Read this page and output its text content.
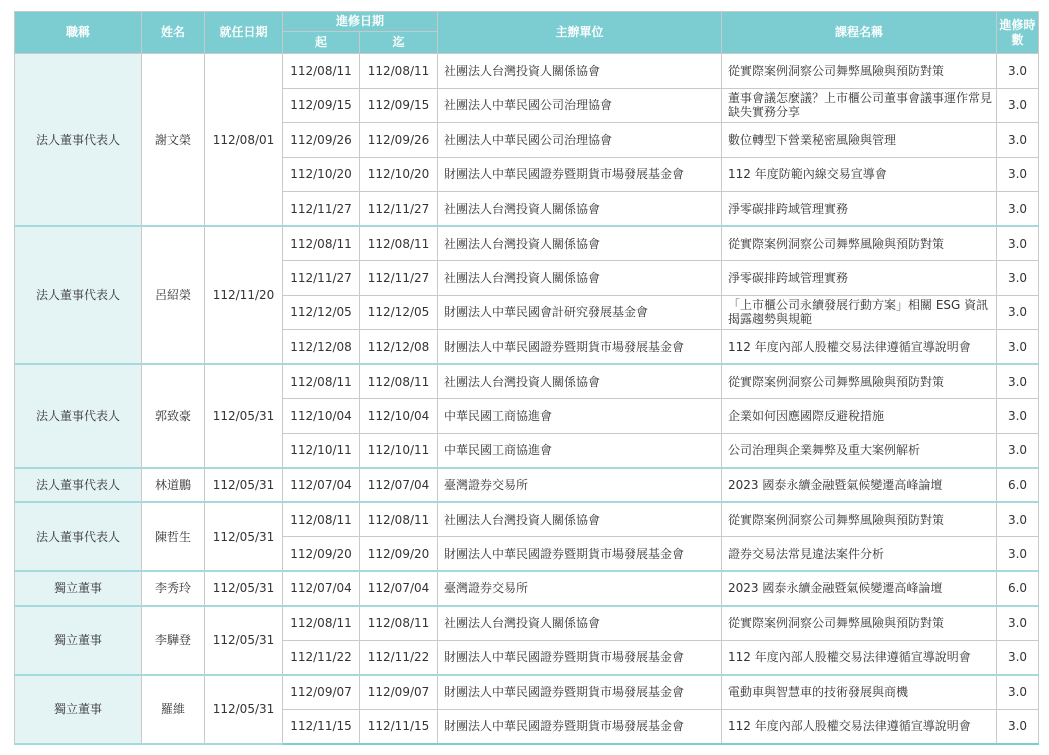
職稱	姓名	就任日期	進修日期		主辦單位	課程名稱	進修時數
			起	迄			
法人董事代表人	謝文榮	112/08/01	112/08/11	112/08/11	社團法人台灣投資人關係協會	從實際案例洞察公司舞弊風險與預防對策	3.0
			112/09/15	112/09/15	社團法人中華民國公司治理協會	董事會議怎麼議？上市櫃公司董事會議事運作常見缺失實務分享	3.0
			112/09/26	112/09/26	社團法人中華民國公司治理協會	數位轉型下營業秘密風險與管理	3.0
			112/10/20	112/10/20	財團法人中華民國證券暨期貨市場發展基金會	112 年度防範內線交易宣導會	3.0
			112/11/27	112/11/27	社團法人台灣投資人關係協會	淨零碳排跨域管理實務	3.0
法人董事代表人	呂紹榮	112/11/20	112/08/11	112/08/11	社團法人台灣投資人關係協會	從實際案例洞察公司舞弊風險與預防對策	3.0
			112/11/27	112/11/27	社團法人台灣投資人關係協會	淨零碳排跨域管理實務	3.0
			112/12/05	112/12/05	財團法人中華民國會計研究發展基金會	「上市櫃公司永續發展行動方案」相關 ESG 資訊揭露趨勢與規範	3.0
			112/12/08	112/12/08	財團法人中華民國證券暨期貨市場發展基金會	112 年度內部人股權交易法律遵循宣導說明會	3.0
法人董事代表人	郭致豪	112/05/31	112/08/11	112/08/11	社團法人台灣投資人關係協會	從實際案例洞察公司舞弊風險與預防對策	3.0
			112/10/04	112/10/04	中華民國工商協進會	企業如何因應國際反避稅措施	3.0
			112/10/11	112/10/11	中華民國工商協進會	公司治理與企業舞弊及重大案例解析	3.0
法人董事代表人	林道鵬	112/05/31	112/07/04	112/07/04	臺灣證券交易所	2023 國泰永續金融暨氣候變遷高峰論壇	6.0
法人董事代表人	陳哲生	112/05/31	112/08/11	112/08/11	社團法人台灣投資人關係協會	從實際案例洞察公司舞弊風險與預防對策	3.0
			112/09/20	112/09/20	財團法人中華民國證券暨期貨市場發展基金會	證券交易法常見違法案件分析	3.0
獨立董事	李秀玲	112/05/31	112/07/04	112/07/04	臺灣證券交易所	2023 國泰永續金融暨氣候變遷高峰論壇	6.0
獨立董事	李驊登	112/05/31	112/08/11	112/08/11	社團法人台灣投資人關係協會	從實際案例洞察公司舞弊風險與預防對策	3.0
			112/11/22	112/11/22	財團法人中華民國證券暨期貨市場發展基金會	112 年度內部人股權交易法律遵循宣導說明會	3.0
獨立董事	羅維	112/05/31	112/09/07	112/09/07	財團法人中華民國證券暨期貨市場發展基金會	電動車與智慧車的技術發展與商機	3.0
			112/11/15	112/11/15	財團法人中華民國證券暨期貨市場發展基金會	112 年度內部人股權交易法律遵循宣導說明會	3.0
